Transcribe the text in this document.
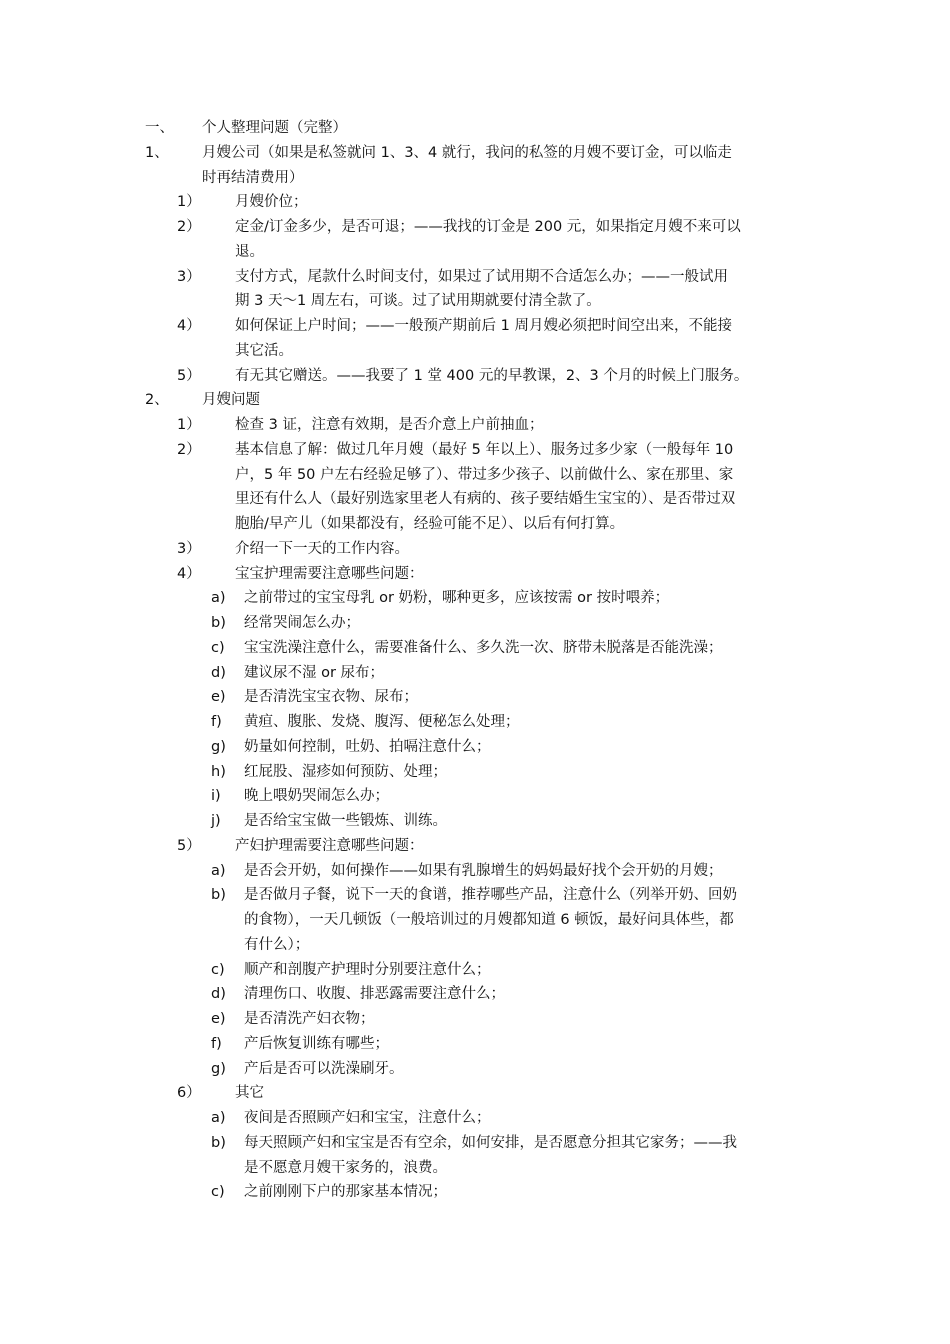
一、 个人整理问题（完整）
1、 月嫂公司（如果是私签就问 1、3、4 就行，我问的私签的月嫂不要订金，可以临走
时再结清费用）
1） 月嫂价位；
2） 定金/订金多少，是否可退；——我找的订金是 200 元，如果指定月嫂不来可以
退。
3） 支付方式，尾款什么时间支付，如果过了试用期不合适怎么办；——一般试用
期 3 天～1 周左右，可谈。过了试用期就要付清全款了。
4） 如何保证上户时间；——一般预产期前后 1 周月嫂必须把时间空出来，不能接
其它活。
5） 有无其它赠送。——我要了 1 堂 400 元的早教课，2、3 个月的时候上门服务。
2、 月嫂问题
1） 检查 3 证，注意有效期，是否介意上户前抽血；
2） 基本信息了解：做过几年月嫂（最好 5 年以上）、服务过多少家（一般每年 10
户，5 年 50 户左右经验足够了）、带过多少孩子、以前做什么、家在那里、家
里还有什么人（最好别选家里老人有病的、孩子要结婚生宝宝的）、是否带过双
胞胎/早产儿（如果都没有，经验可能不足）、以后有何打算。
3） 介绍一下一天的工作内容。
4） 宝宝护理需要注意哪些问题：
a) 之前带过的宝宝母乳 or 奶粉，哪种更多，应该按需 or 按时喂养；
b) 经常哭闹怎么办；
c) 宝宝洗澡注意什么，需要准备什么、多久洗一次、脐带未脱落是否能洗澡；
d) 建议尿不湿 or 尿布；
e) 是否清洗宝宝衣物、尿布；
f) 黄疸、腹胀、发烧、腹泻、便秘怎么处理；
g) 奶量如何控制，吐奶、拍嗝注意什么；
h) 红屁股、湿疹如何预防、处理；
i) 晚上喂奶哭闹怎么办；
j) 是否给宝宝做一些锻炼、训练。
5） 产妇护理需要注意哪些问题：
a) 是否会开奶，如何操作——如果有乳腺增生的妈妈最好找个会开奶的月嫂；
b) 是否做月子餐，说下一天的食谱，推荐哪些产品，注意什么（列举开奶、回奶
的食物），一天几顿饭（一般培训过的月嫂都知道 6 顿饭，最好问具体些，都
有什么）；
c) 顺产和剖腹产护理时分别要注意什么；
d) 清理伤口、收腹、排恶露需要注意什么；
e) 是否清洗产妇衣物；
f) 产后恢复训练有哪些；
g) 产后是否可以洗澡刷牙。
6） 其它
a) 夜间是否照顾产妇和宝宝，注意什么；
b) 每天照顾产妇和宝宝是否有空余，如何安排，是否愿意分担其它家务；——我
是不愿意月嫂干家务的，浪费。
c) 之前刚刚下户的那家基本情况；
